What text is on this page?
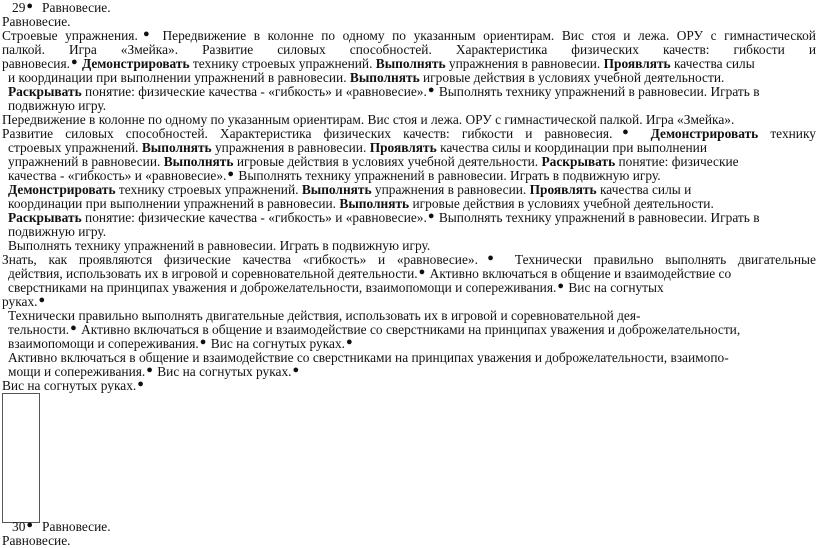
29● Равновесие.
Равновесие.
Строевые упражнения.● Передвижение в колонне по одному по указанным ориентирам. Вис стоя и лежа. ОРУ с гимнастической
палкой. Игра «Змейка». Развитие силовых способностей. Характеристика физических качеств: гибкости и
равновесия.● Демонстрировать технику строевых упражнений. Выполнять упражнения в равновесии. Проявлять качества силы
и координации при выполнении упражнений в равновесии. Выполнять игровые действия в условиях учебной деятельности.
Раскрывать понятие: физические качества - «гибкость» и «равновесие».● Выполнять технику упражнений в равновесии. Играть в
подвижную игру.
Передвижение в колонне по одному по указанным ориентирам. Вис стоя и лежа. ОРУ с гимнастической палкой. Игра «Змейка».
Развитие силовых способностей. Характеристика физических качеств: гибкости и равновесия.● Демонстрировать технику
строевых упражнений. Выполнять упражнения в равновесии. Проявлять качества силы и координации при выполнении
упражнений в равновесии. Выполнять игровые действия в условиях учебной деятельности. Раскрывать понятие: физические
качества - «гибкость» и «равновесие».● Выполнять технику упражнений в равновесии. Играть в подвижную игру.
Демонстрировать технику строевых упражнений. Выполнять упражнения в равновесии. Проявлять качества силы и
координации при выполнении упражнений в равновесии. Выполнять игровые действия в условиях учебной деятельности.
Раскрывать понятие: физические качества - «гибкость» и «равновесие».● Выполнять технику упражнений в равновесии. Играть в
подвижную игру.
Выполнять технику упражнений в равновесии. Играть в подвижную игру.
Знать, как проявляются физические качества «гибкость» и «равновесие».● Технически правильно выполнять двигательные
действия, использовать их в игровой и соревновательной деятельности.● Активно включаться в общение и взаимодействие со
сверстниками на принципах уважения и доброжелательности, взаимопомощи и сопереживания.● Вис на согнутых
руках.●
Технически правильно выполнять двигательные действия, использовать их в игровой и соревновательной дея-
тельности.● Активно включаться в общение и взаимодействие со сверстниками на принципах уважения и доброжелательности,
взаимопомощи и сопереживания.● Вис на согнутых руках.●
Активно включаться в общение и взаимодействие со сверстниками на принципах уважения и доброжелательности, взаимопо-
мощи и сопереживания.● Вис на согнутых руках.●
Вис на согнутых руках.●
30● Равновесие.
Равновесие.
